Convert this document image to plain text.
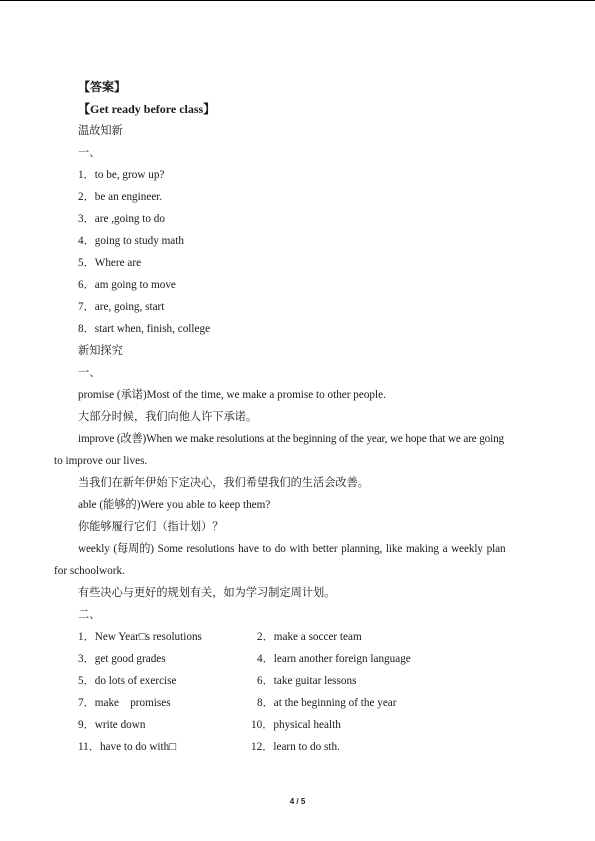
【答案】
【Get ready before class】
温故知新
一、
1．to be, grow up?
2．be an engineer.
3．are ,going to do
4．going to study math
5．Where are
6．am going to move
7．are, going, start
8．start when, finish, college
新知探究
一、
promise (承诺)Most of the time, we make a promise to other people.
大部分时候，我们向他人许下承诺。
improve (改善)When we make resolutions at the beginning of the year, we hope that we are going
to improve our lives.
当我们在新年伊始下定决心，我们希望我们的生活会改善。
able (能够的)Were you able to keep them?
你能够履行它们（指计划）？
weekly (每周的) Some resolutions have to do with better planning, like making a weekly plan
for schoolwork.
有些决心与更好的规划有关，如为学习制定周计划。
二、
1．New Year□s resolutions	2．make a soccer team
3．get good grades	4．learn another foreign language
5．do lots of exercise	6．take guitar lessons
7．make    promises	8．at the beginning of the year
9．write down	10．physical health
11．have to do with□	12．learn to do sth.
4 / 5
